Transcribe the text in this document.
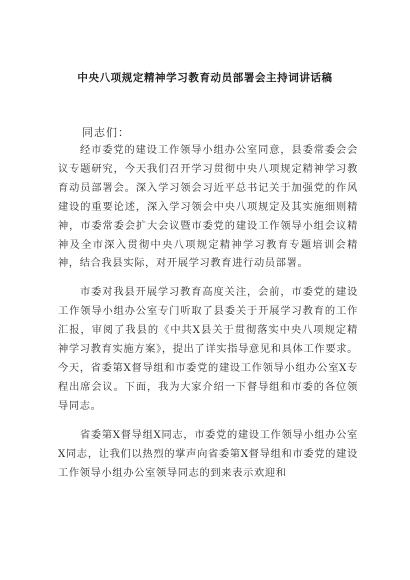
中央八项规定精神学习教育动员部署会主持词讲话稿
同志们：

经市委党的建设工作领导小组办公室同意，县委常委会会议专题研究，今天我们召开学习贯彻中央八项规定精神学习教育动员部署会。深入学习领会习近平总书记关于加强党的作风建设的重要论述，深入学习领会中央八项规定及其实施细则精神，市委常委会扩大会议暨市委党的建设工作领导小组会议精神及全市深入贯彻中央八项规定精神学习教育专题培训会精神，结合我县实际，对开展学习教育进行动员部署。

市委对我县开展学习教育高度关注，会前，市委党的建设工作领导小组办公室专门听取了县委关于开展学习教育的工作汇报，审阅了我县的《中共X县关于贯彻落实中央八项规定精神学习教育实施方案》，提出了详实指导意见和具体工作要求。今天，省委第X督导组和市委党的建设工作领导小组办公室X专程出席会议。下面，我为大家介绍一下督导组和市委的各位领导同志。

省委第X督导组X同志，市委党的建设工作领导小组办公室X同志，让我们以热烈的掌声向省委第X督导组和市委党的建设工作领导小组办公室领导同志的到来表示欢迎和
